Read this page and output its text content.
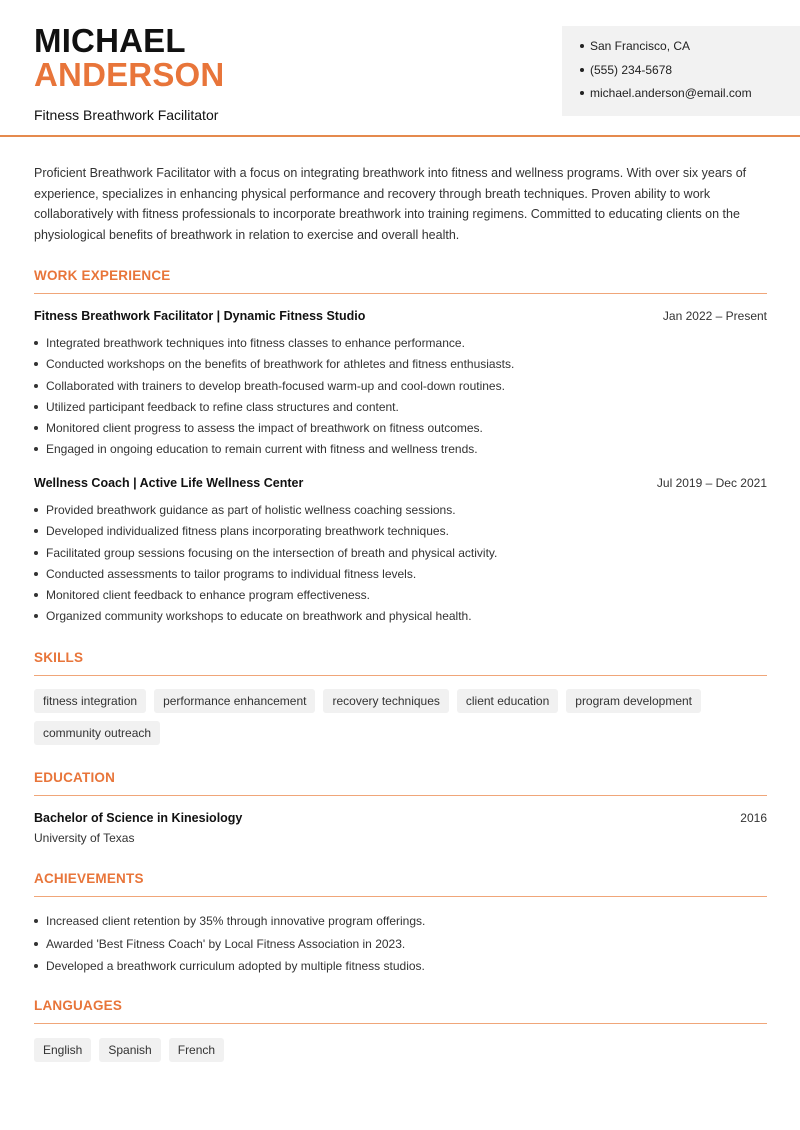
MICHAEL
ANDERSON
Fitness Breathwork Facilitator
San Francisco, CA
(555) 234-5678
michael.anderson@email.com

Proficient Breathwork Facilitator with a focus on integrating breathwork into fitness and wellness programs. With over six years of experience, specializes in enhancing physical performance and recovery through breath techniques. Proven ability to work collaboratively with fitness professionals to incorporate breathwork into training regimens. Committed to educating clients on the physiological benefits of breathwork in relation to exercise and overall health.

WORK EXPERIENCE
Fitness Breathwork Facilitator | Dynamic Fitness Studio	Jan 2022 – Present
Integrated breathwork techniques into fitness classes to enhance performance.
Conducted workshops on the benefits of breathwork for athletes and fitness enthusiasts.
Collaborated with trainers to develop breath-focused warm-up and cool-down routines.
Utilized participant feedback to refine class structures and content.
Monitored client progress to assess the impact of breathwork on fitness outcomes.
Engaged in ongoing education to remain current with fitness and wellness trends.
Wellness Coach | Active Life Wellness Center	Jul 2019 – Dec 2021
Provided breathwork guidance as part of holistic wellness coaching sessions.
Developed individualized fitness plans incorporating breathwork techniques.
Facilitated group sessions focusing on the intersection of breath and physical activity.
Conducted assessments to tailor programs to individual fitness levels.
Monitored client feedback to enhance program effectiveness.
Organized community workshops to educate on breathwork and physical health.
SKILLS
fitness integration	performance enhancement	recovery techniques	client education	program development
community outreach
EDUCATION
Bachelor of Science in Kinesiology	2016
University of Texas
ACHIEVEMENTS
Increased client retention by 35% through innovative program offerings.
Awarded 'Best Fitness Coach' by Local Fitness Association in 2023.
Developed a breathwork curriculum adopted by multiple fitness studios.
LANGUAGES
English	Spanish	French
